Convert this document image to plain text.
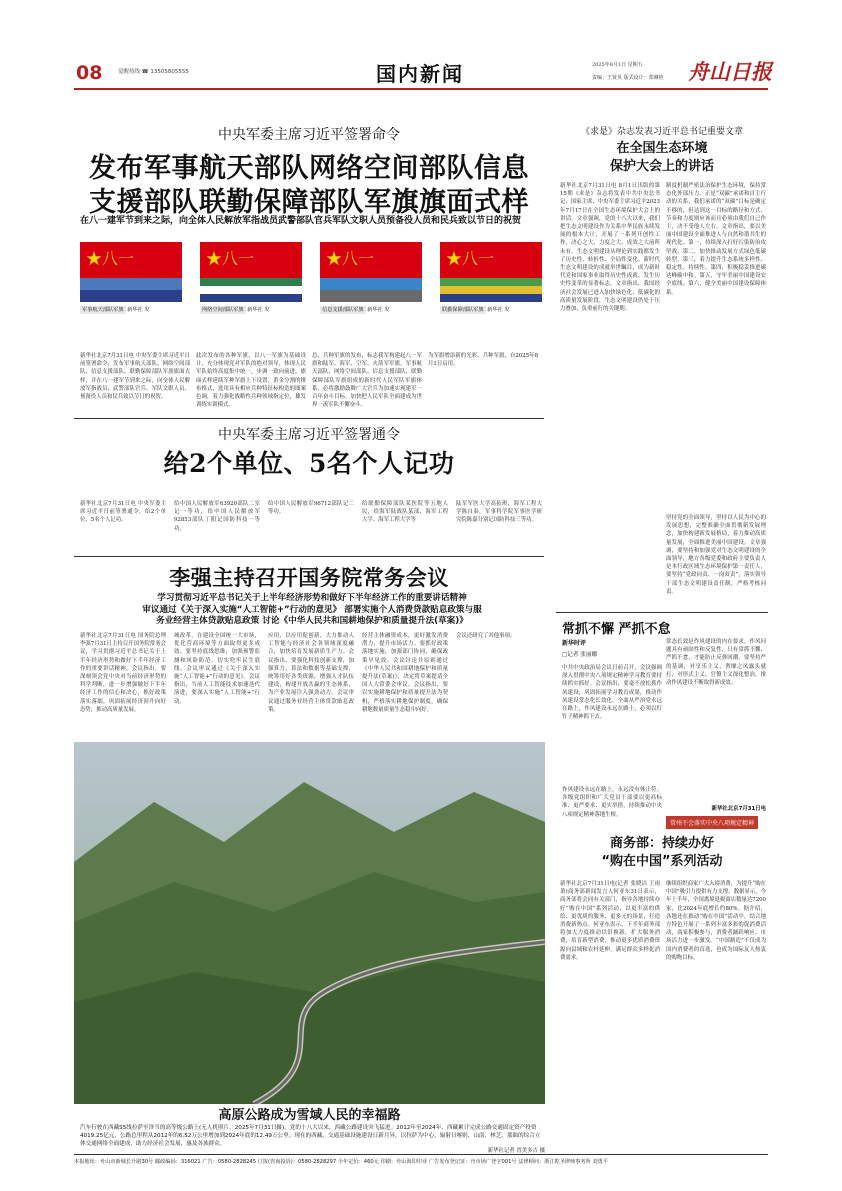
08	觉醒热线 ☎ 13505805555	国内新闻	2025年8月1日 星期五
责编：王贤英 版式设计：郑琳艳 舟山日报
中央军委主席习近平签署命令
发布军事航天部队网络空间部队信息
支援部队联勤保障部队军旗旗面式样
在八一建军节到来之际，向全体人民解放军指战员武警部队官兵军队文职人员预备役人员和民兵致以节日的祝贺
★八一	★八一	★八一	★八一
军事航天部队军旗 新华社 发	网络空间部队军旗 新华社 发	信息支援部队军旗 新华社 发	联勤保障部队军旗 新华社 发
新华社北京7月31日电 中央军委主席习近平日前签署命令，发布军事航天部队、网络空间部队、信息支援部队、联勤保障部队军旗旗面式样，并在八一建军节到来之际，向全体人民解放军指战员、武警部队官兵、军队文职人员、预备役人员和民兵致以节日的祝贺。
此次发布的各种军旗，以八一军旗为基础设计，充分体现党对军队的绝对领导，体现人民军队始终高度集中统一，步调一致向前进，旗面式样延续军种军旗上下设置，黄金分割的排布格式，选用具有相应兵种特征标构造的图案色调，着力强化战略性兵种领域指定位，雄发训练实训模式。
总，兵种军旗的发布，标志我军构建起八一军旗和陆军、海军、空军、火箭军军旗，军事航天部队、网络空间部队、信息支援部队、联勤保障部队军旗组成的新时代人民军队军旗体系，必将激励鼓舞广大官兵为加速实现建军一百年奋斗目标，加快把人民军队全面建成为世界一流军队不懈奋斗。
为军旗增添新的光彩。兵种军旗，自2025年8月1日启用。
中央军委主席习近平签署通令
给2个单位、5名个人记功
新华社北京7月31日电 中央军委主席习近平日前签署通令，给2个单位、5名个人记功。
给中国人民解放军63920部队二室记一等功，给中国人民解放军92853部队丁阳记国防科技一等功。
给中国人民解放军96712部队记二等功。
给联勤保障部队某医院等五地人民，给海军陆战队某部、海军工程大学、海军工程大学等
陆军军医大学高拓班，海军工程大学陈自泰，军事科学院军事医学研究院陈嘉分别记国防科技三等功。
李强主持召开国务院常务会议
学习贯彻习近平总书记关于上半年经济形势和做好下半年经济工作的重要讲话精神
审议通过《关于深入实施“人工智能+”行动的意见》 部署实施个人消费贷款贴息政策与服
务业经营主体贷款贴息政策 讨论《中华人民共和国耕地保护和质量提升法(草案)》
新华社北京7月31日电 国务院总理李强7月31日主持召开国务院常务会议，学习贯彻习近平总书记关于上半年经济形势和做好下半年经济工作的重要讲话精神，会议指出，要深刻领会党中央对当前经济形势的科学判断，进一步增强做好下半年经济工作的信心和决心，抓好政策落实落细，巩固拓展经济回升向好态势，推动高质量发展。
城改革，在建设全国统一大市场，优化营商环境等方面取得更多成效。要坚持底线思维，加强预警监测和风险防范，切实兜牢民生底线。会议审议通过《关于深入实施“人工智能+”行动的意见》。会议指出，当前人工智能技术加速迭代演进，要深入实施“人工智能+”行动。
应用，以应用促创新，大力推动人工智能与经济社会各领域深度融合，加快培育发展新质生产力。会议指出，要强化科技创新支撑，加强算力、算法和数据等基础支撑，统筹用好各类资源，增强人才队伍建设，构建开放共赢的生态体系，为产业发展注入强劲动力。会议审议通过服务业经营主体贷款贴息政策。
经营主体融资成本，更好激发消费潜力，提升市场活力。要抓好政策落地实施，加强部门协同，确保政策早见效。会议讨论并原则通过《中华人民共和国耕地保护和质量提升法(草案)》，决定将草案提请全国人大常委会审议。会议指出，要以实施耕地保护和质量提升法为契机，严格落实耕地保护制度，确保耕地数量质量生态稳中向好。
会议还研究了其他事项。
高原公路成为雪域人民的幸福路
汽车行驶在西藏S5线拉萨至泽当的高等级公路上(无人机照片，2025年7月31日摄)。党的十八大以来，西藏公路建设突飞猛进。2012年至2024年，西藏累计完成公路交通固定资产投资4019.25亿元，公路总里程从2012年的6.52万公里增加到2024年底的12.49万公里。现在的西藏，交通基础设施建设日新月异，以拉萨为中心，辐射日喀则、山南、林芝、那曲的综合立体交通网络全面建成，助力经济社会发展，惠及各族群众。
新华社记者 晋美多吉 摄
《求是》杂志发表习近平总书记重要文章
在全国生态环境
保护大会上的讲话
新华社北京7月31日电 8月1日出版的第15期《求是》杂志将发表中共中央总书记、国家主席、中央军委主席习近平2023年7月17日在全国生态环境保护大会上的讲话。文章强调，党的十八大以来，我们把生态文明建设作为关系中华民族永续发展的根本大计，开展了一系列开创性工作，决心之大、力度之大、成效之大前所未有，生态文明建设从理论到实践都发生了历史性、转折性、全局性变化。新时代生态文明建设的成就举世瞩目，成为新时代党和国家事业取得历史性成就、发生历史性变革的显著标志。文章指出，我国经济社会发展已进入加快绿色化、低碳化的高质量发展阶段，生态文明建设仍处于压力叠加、负重前行的关键期。
制度机制严密法治保护生态环境，保持常态化外部压力，正是“双碳”承诺和自主行动的关系，我们承诺的“双碳”目标是确定不移的，但达到这一目标的路径和方式、节奏和力度则应该而且必须由我们自己作主，决不受他人左右。文章指出，要以美丽中国建设全面推进人与自然和谐共生的现代化。第一，持续深入打好污染防治攻坚战。第二，加快推动发展方式绿色低碳转型。第三，着力提升生态系统多样性、稳定性、持续性。第四，积极稳妥推进碳达峰碳中和。第五，守牢美丽中国建设安全底线。第六，健全美丽中国建设保障体系。
坚持党的全面领导，坚持以人民为中心的发展思想，完整准确全面贯彻新发展理念，加快构建新发展格局，着力推动高质量发展，全面推进美丽中国建设。文章强调，要坚持和加强党对生态文明建设的全面领导，地方各级党委和政府主要负责人是本行政区域生态环境保护第一责任人，要坚持“党政同责、一岗双责”，落实领导干部生态文明建设责任制，严格考核问责。
常抓不懈 严抓不怠
新华时评
□记者 张丽娜
中共中央政治局会议日前召开，会议强调深入贯彻中央八项规定精神学习教育要持续抓实抓好。会议指出，要毫不放松抓作风建设，巩固拓展学习教育成果，推动作风建设常态化长效化。全面从严治党永远在路上，作风建设永远在路上，必须以钉钉子精神抓下去。
常态长效是作风建设的内在要求。作风问题具有顽固性和反复性，只有常抓不懈、严抓不怠，才能防止反弹回潮。要坚持严的基调，对享乐主义、奢靡之风露头就打，对形式主义、官僚主义深化整治，推动作风建设不断取得新成效。
作风建设永远在路上，永远没有休止符。各级党组织和广大党员干部要以更高标准、更严要求、更实举措，持续推动中央八项规定精神落地生根。
新华社北京7月31日电
常州不会落实中央八项规定精神
商务部：持续办好
“购在中国”系列活动
新华社北京7月31日电(记者 张晓洁 王雨萧)商务部新闻发言人何亚东31日表示，商务部将会同有关部门，指导各地持续办好“购在中国”系列活动，以更丰富的供给、更优质的服务、更多元的场景，打造消费新热点。何亚东表示，下半年商务部将加大力度推动以旧换新，扩大服务消费，培育新型消费，推动更多优质消费资源向县域和农村延伸，满足群众多样化消费需求。
继续组织商家广大入境消费，为提升“购在中国”吸引力提供有力支撑。数据显示，今年上半年，全国离境退税商店数量达7200家，比2024年底增长约80%。据介绍，各地还在推动“购在中国”活动中，结合地方特色开展了一系列丰富多彩的促消费活动，商家积极参与，消费者踊跃响应，市场活力进一步激发。“中国制造”不仅成为国内消费者的首选，也成为国际友人热衷的购物目标。
本报地址：舟山市新城长升路30号 邮政编码：316021 广告：0580-2828245 订报(咨询投诉)：0580-2828297 全年定价：460元 印刷：舟山海印印业 广告发布登记证：舟市场广登字001号 法律顾问：浙江乾圣律师事务所 刘勇平
